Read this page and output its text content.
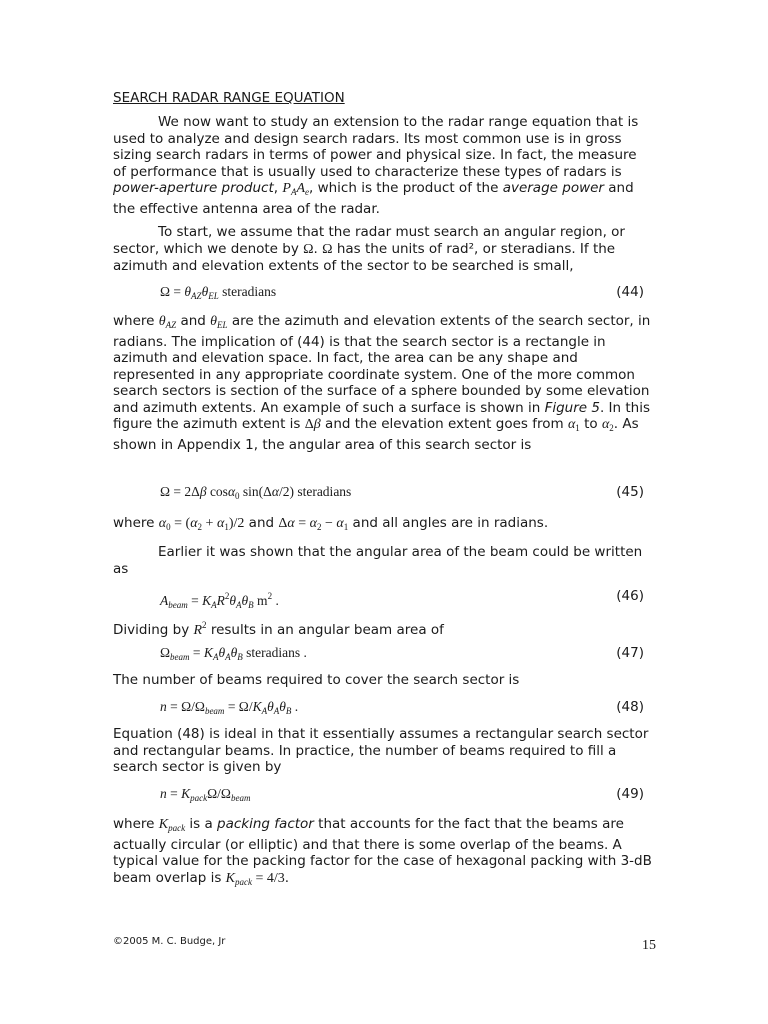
SEARCH RADAR RANGE EQUATION

We now want to study an extension to the radar range equation that is used to analyze and design search radars. Its most common use is in gross sizing search radars in terms of power and physical size. In fact, the measure of performance that is usually used to characterize these types of radars is power-aperture product, $P_AA_e$, which is the product of the average power and the effective antenna area of the radar.

To start, we assume that the radar must search an angular region, or sector, which we denote by Ω. Ω has the units of rad², or steradians. If the azimuth and elevation extents of the sector to be searched is small,

$\Omega = \theta_{AZ}\theta_{EL}$ steradians	(44)

where $\theta_{AZ}$ and $\theta_{EL}$ are the azimuth and elevation extents of the search sector, in radians. The implication of (44) is that the search sector is a rectangle in azimuth and elevation space. In fact, the area can be any shape and represented in any appropriate coordinate system. One of the more common search sectors is section of the surface of a sphere bounded by some elevation and azimuth extents. An example of such a surface is shown in Figure 5. In this figure the azimuth extent is Δβ and the elevation extent goes from $\alpha_1$ to $\alpha_2$. As shown in Appendix 1, the angular area of this search sector is

Ω = 2Δβ cosα$_0$ sin(Δα/2) steradians	(45)

where $\alpha_0 = (\alpha_2 + \alpha_1)/2$ and $\Delta\alpha = \alpha_2 - \alpha_1$ and all angles are in radians.

Earlier it was shown that the angular area of the beam could be written as

$A_{beam} = K_AR^2\theta_A\theta_B$ $m^2$ .	(46)

Dividing by $R^2$ results in an angular beam area of

$\Omega_{beam} = K_A\theta_A\theta_B$ steradians .	(47)

The number of beams required to cover the search sector is

$n = \Omega/\Omega_{beam} = \Omega/K_A\theta_A\theta_B$ .	(48)

Equation (48) is ideal in that it essentially assumes a rectangular search sector and rectangular beams. In practice, the number of beams required to fill a search sector is given by

$n = K_{pack}\Omega/\Omega_{beam}$	(49)

where $K_{pack}$ is a packing factor that accounts for the fact that the beams are actually circular (or elliptic) and that there is some overlap of the beams. A typical value for the packing factor for the case of hexagonal packing with 3-dB beam overlap is $K_{pack} = 4/3$.

©2005 M. C. Budge, Jr	15
